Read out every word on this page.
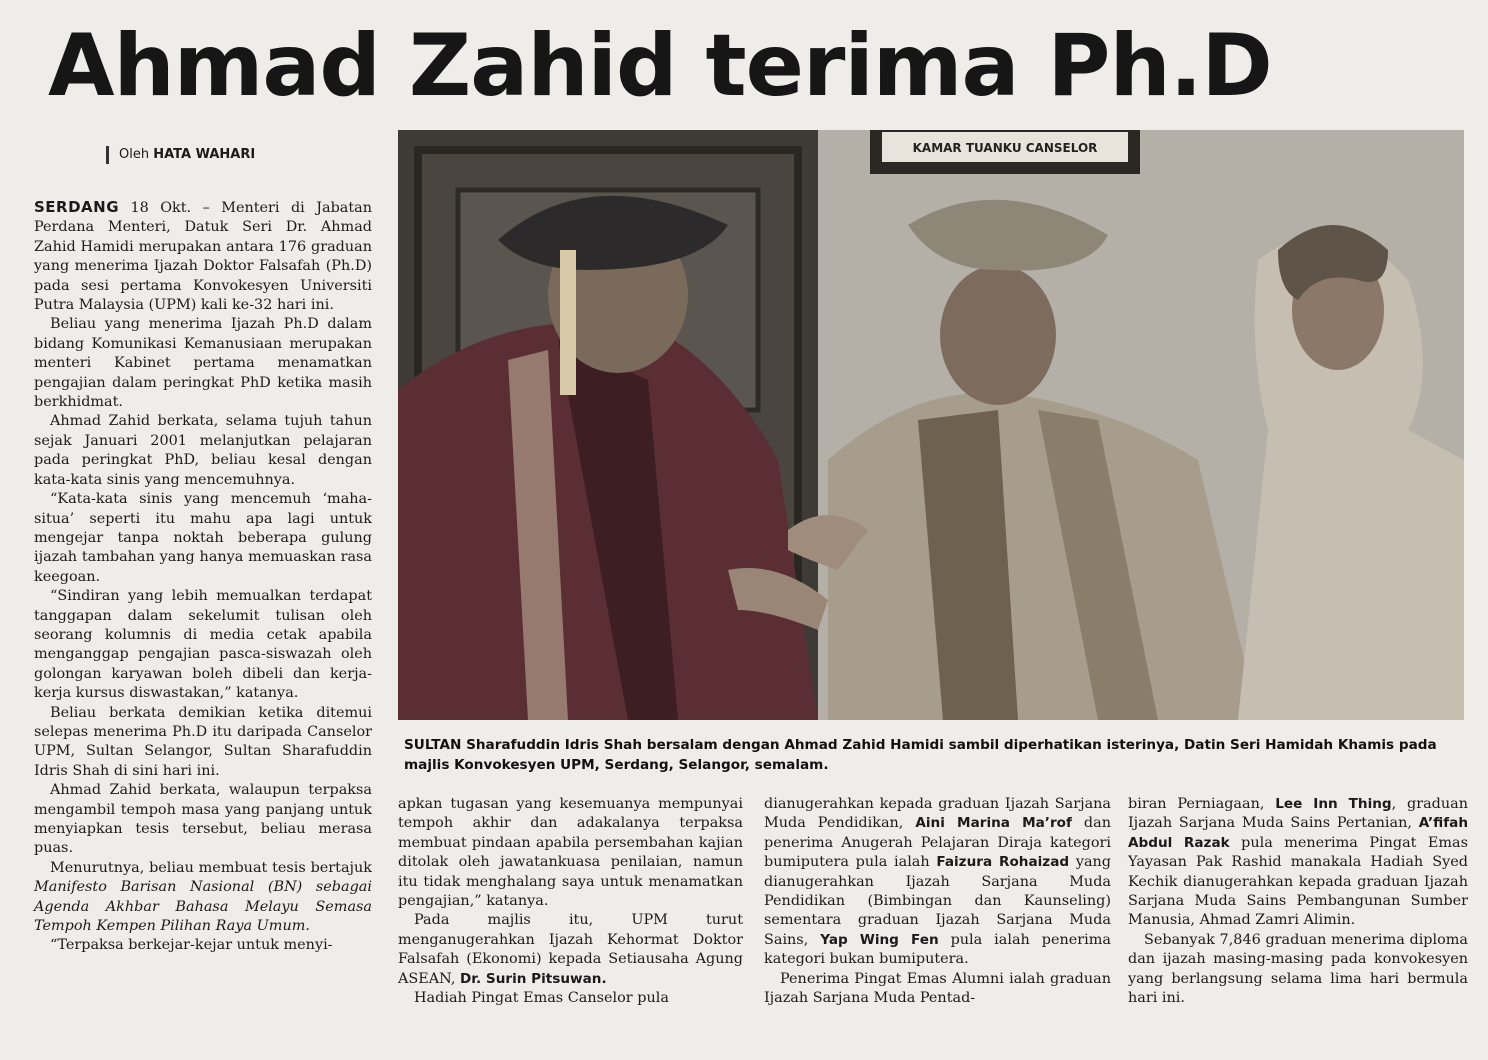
Ahmad Zahid terima Ph.D
Oleh HATA WAHARI

SERDANG 18 Okt. – Menteri di Jabatan Perdana Menteri, Datuk Seri Dr. Ahmad Zahid Hamidi merupakan antara 176 graduan yang menerima Ijazah Doktor Falsafah (Ph.D) pada sesi pertama Konvokesyen Universiti Putra Malaysia (UPM) kali ke-32 hari ini.

Beliau yang menerima Ijazah Ph.D dalam bidang Komunikasi Kemanusiaan merupakan menteri Kabinet pertama menamatkan pengajian dalam peringkat PhD ketika masih berkhidmat.

Ahmad Zahid berkata, selama tujuh tahun sejak Januari 2001 melanjutkan pelajaran pada peringkat PhD, beliau kesal dengan kata-kata sinis yang mencemuhnya.

“Kata-kata sinis yang mencemuh ‘maha-situa’ seperti itu mahu apa lagi untuk mengejar tanpa noktah beberapa gulung ijazah tambahan yang hanya memuaskan rasa keegoan.

“Sindiran yang lebih memualkan terdapat tanggapan dalam sekelumit tulisan oleh seorang kolumnis di media cetak apabila menganggap pengajian pasca-siswazah oleh golongan karyawan boleh dibeli dan kerja-kerja kursus diswastakan,” katanya.

Beliau berkata demikian ketika ditemui selepas menerima Ph.D itu daripada Canselor UPM, Sultan Selangor, Sultan Sharafuddin Idris Shah di sini hari ini.

Ahmad Zahid berkata, walaupun terpaksa mengambil tempoh masa yang panjang untuk menyiapkan tesis tersebut, beliau merasa puas.

Menurutnya, beliau membuat tesis bertajuk Manifesto Barisan Nasional (BN) sebagai Agenda Akhbar Bahasa Melayu Semasa Tempoh Kempen Pilihan Raya Umum.

“Terpaksa berkejar-kejar untuk menyi-

KAMAR TUANKU CANSELOR
SULTAN Sharafuddin Idris Shah bersalam dengan Ahmad Zahid Hamidi sambil diperhatikan isterinya, Datin Seri Hamidah Khamis pada majlis Konvokesyen UPM, Serdang, Selangor, semalam.

apkan tugasan yang kesemuanya mempunyai tempoh akhir dan adakalanya terpaksa membuat pindaan apabila persembahan kajian ditolak oleh jawatankuasa penilaian, namun itu tidak menghalang saya untuk menamatkan pengajian,” katanya.

Pada majlis itu, UPM turut menganugerahkan Ijazah Kehormat Doktor Falsafah (Ekonomi) kepada Setiausaha Agung ASEAN, Dr. Surin Pitsuwan.

Hadiah Pingat Emas Canselor pula

dianugerahkan kepada graduan Ijazah Sarjana Muda Pendidikan, Aini Marina Ma’rof dan penerima Anugerah Pelajaran Diraja kategori bumiputera pula ialah Faizura Rohaizad yang dianugerahkan Ijazah Sarjana Muda Pendidikan (Bimbingan dan Kaunseling) sementara graduan Ijazah Sarjana Muda Sains, Yap Wing Fen pula ialah penerima kategori bukan bumiputera.

Penerima Pingat Emas Alumni ialah graduan Ijazah Sarjana Muda Pentad-

biran Perniagaan, Lee Inn Thing, graduan Ijazah Sarjana Muda Sains Pertanian, A’fifah Abdul Razak pula menerima Pingat Emas Yayasan Pak Rashid manakala Hadiah Syed Kechik dianugerahkan kepada graduan Ijazah Sarjana Muda Sains Pembangunan Sumber Manusia, Ahmad Zamri Alimin.

Sebanyak 7,846 graduan menerima diploma dan ijazah masing-masing pada konvokesyen yang berlangsung selama lima hari bermula hari ini.
